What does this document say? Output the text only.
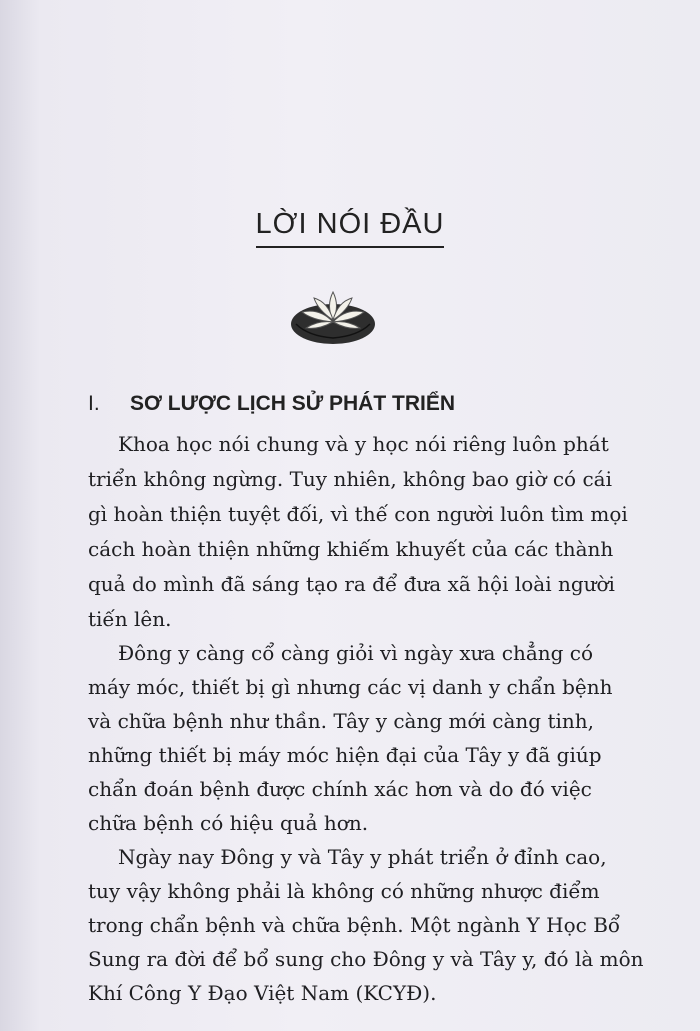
LỜI NÓI ĐẦU
I. SƠ LƯỢC LỊCH SỬ PHÁT TRIỂN
Khoa học nói chung và y học nói riêng luôn phát
triển không ngừng. Tuy nhiên, không bao giờ có cái
gì hoàn thiện tuyệt đối, vì thế con người luôn tìm mọi
cách hoàn thiện những khiếm khuyết của các thành
quả do mình đã sáng tạo ra để đưa xã hội loài người
tiến lên.
Đông y càng cổ càng giỏi vì ngày xưa chẳng có
máy móc, thiết bị gì nhưng các vị danh y chẩn bệnh
và chữa bệnh như thần. Tây y càng mới càng tinh,
những thiết bị máy móc hiện đại của Tây y đã giúp
chẩn đoán bệnh được chính xác hơn và do đó việc
chữa bệnh có hiệu quả hơn.
Ngày nay Đông y và Tây y phát triển ở đỉnh cao,
tuy vậy không phải là không có những nhược điểm
trong chẩn bệnh và chữa bệnh. Một ngành Y Học Bổ
Sung ra đời để bổ sung cho Đông y và Tây y, đó là môn
Khí Công Y Đạo Việt Nam (KCYĐ).
